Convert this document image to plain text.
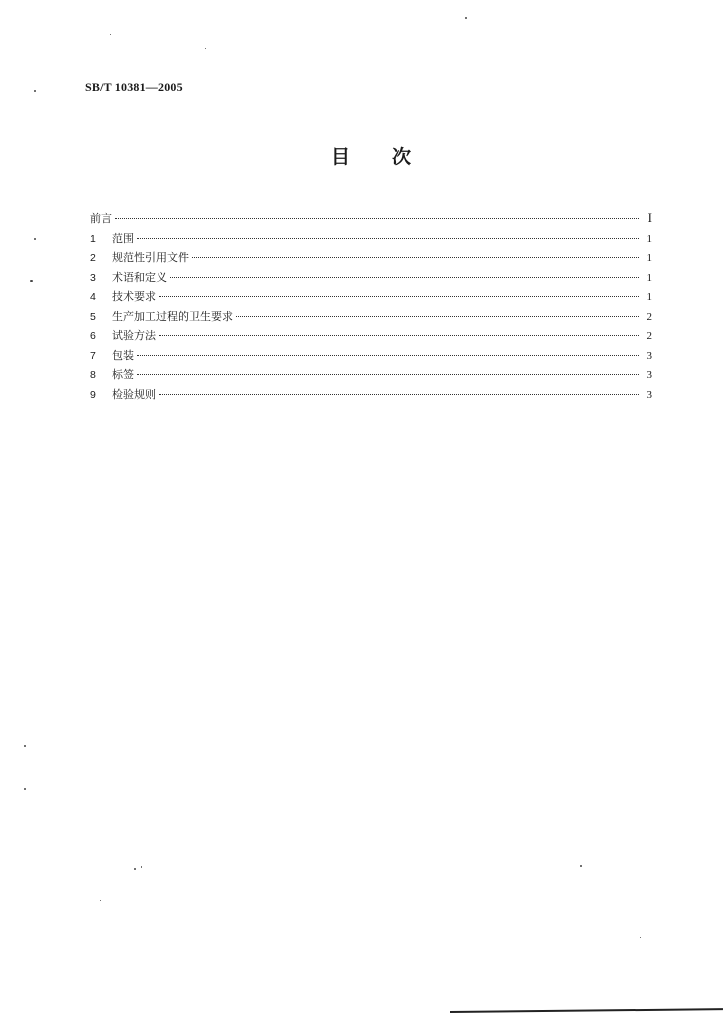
SB/T 10381—2005
目次
前言	I
1	范围	1
2	规范性引用文件	1
3	术语和定义	1
4	技术要求	1
5	生产加工过程的卫生要求	2
6	试验方法	2
7	包装	3
8	标签	3
9	检验规则	3
